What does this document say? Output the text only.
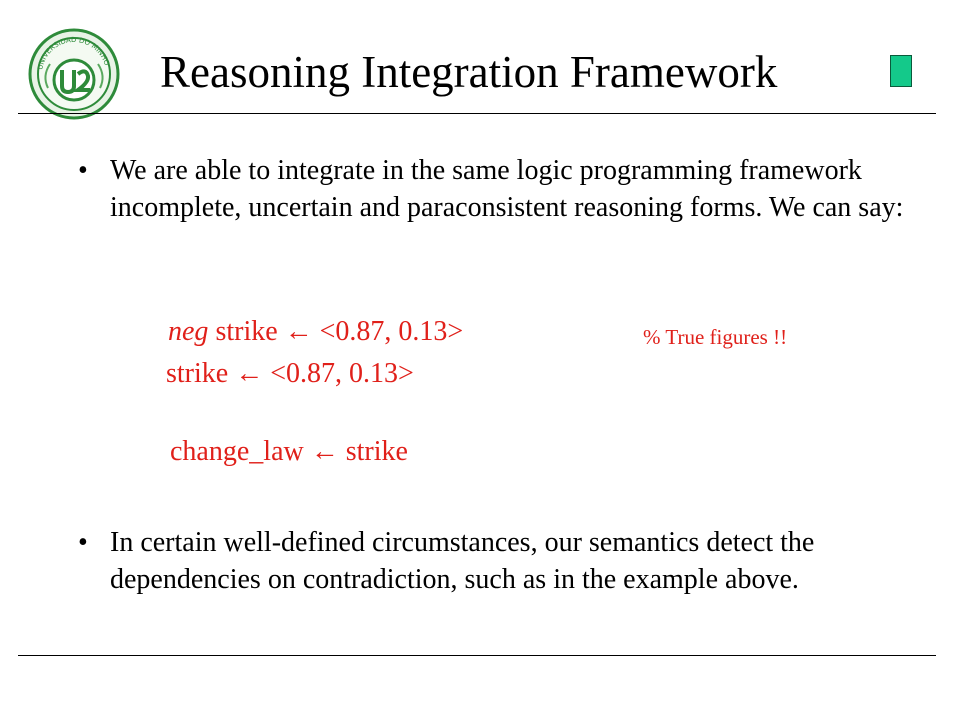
UNIVERSIDAD DO MINHO Reasoning Integration Framework
• We are able to integrate in the same logic programming framework incomplete, uncertain and paraconsistent reasoning forms. We can say:
neg strike ← <0.87, 0.13>	% True figures !!
strike ← <0.87, 0.13>
change_law ← strike
• In certain well-defined circumstances, our semantics detect the dependencies on contradiction, such as in the example above.
